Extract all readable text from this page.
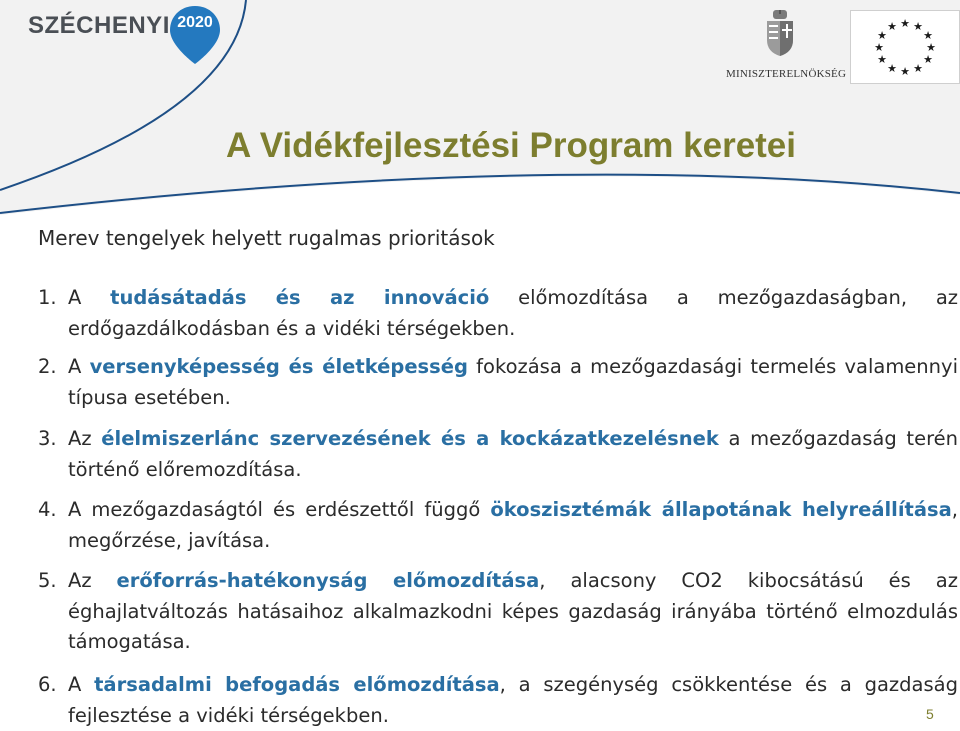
SZÉCHENYI 2020
MINISZTERELNÖKSÉG
★ ★
★
★
★
★
★
★
★
★
★
★
A Vidékfejlesztési Program keretei

Merev tengelyek helyett rugalmas prioritások

1. A tudásátadás és az innováció előmozdítása a mezőgazdaságban, az erdőgazdálkodásban és a vidéki térségekben.
2. A versenyképesség és életképesség fokozása a mezőgazdasági termelés valamennyi típusa esetében.
3. Az élelmiszerlánc szervezésének és a kockázatkezelésnek a mezőgazdaság terén történő előremozdítása.
4. A mezőgazdaságtól és erdészettől függő ökoszisztémák állapotának helyreállítása, megőrzése, javítása.
5. Az erőforrás-hatékonyság előmozdítása, alacsony CO2 kibocsátású és az éghajlatváltozás hatásaihoz alkalmazkodni képes gazdaság irányába történő elmozdulás támogatása.
6. A társadalmi befogadás előmozdítása, a szegénység csökkentése és a gazdaság fejlesztése a vidéki térségekben.	5
